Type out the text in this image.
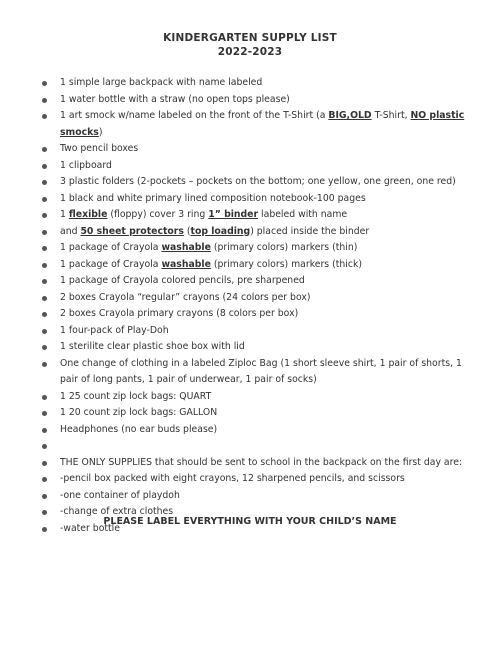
KINDERGARTEN SUPPLY LIST
2022-2023
1 simple large backpack with name labeled
1 water bottle with a straw (no open tops please)
1 art smock w/name labeled on the front of the T-Shirt (a BIG,OLD T-Shirt, NO plastic smocks)
Two pencil boxes
1 clipboard
3 plastic folders (2-pockets – pockets on the bottom; one yellow, one green, one red)
1 black and white primary lined composition notebook-100 pages
1 flexible (floppy) cover 3 ring 1” binder labeled with name
and 50 sheet protectors (top loading) placed inside the binder
1 package of Crayola washable (primary colors) markers (thin)
1 package of Crayola washable (primary colors) markers (thick)
1 package of Crayola colored pencils, pre sharpened
2 boxes Crayola “regular” crayons (24 colors per box)
2 boxes Crayola primary crayons (8 colors per box)
1 four-pack of Play-Doh
1 sterilite clear plastic shoe box with lid
One change of clothing in a labeled Ziploc Bag (1 short sleeve shirt, 1 pair of shorts, 1 pair of long pants, 1 pair of underwear, 1 pair of socks)
1 25 count zip lock bags: QUART
1 20 count zip lock bags: GALLON
Headphones (no ear buds please)
THE ONLY SUPPLIES that should be sent to school in the backpack on the first day are:
-pencil box packed with eight crayons, 12 sharpened pencils, and scissors
-one container of playdoh
-change of extra clothes
-water bottle
PLEASE LABEL EVERYTHING WITH YOUR CHILD’S NAME
